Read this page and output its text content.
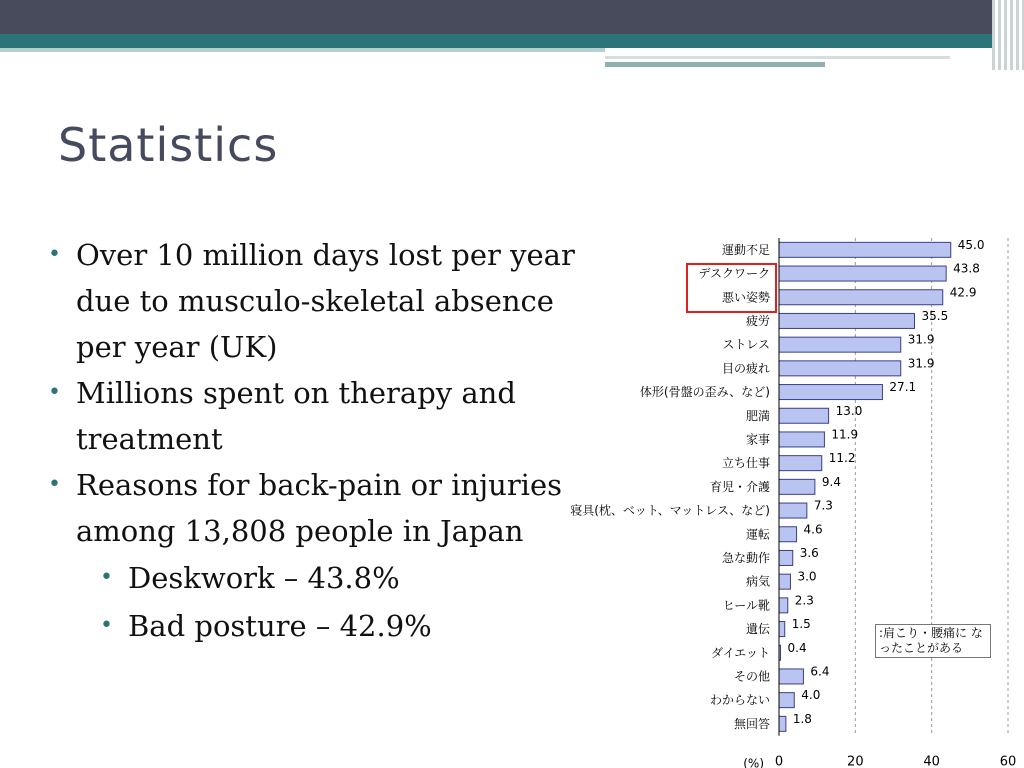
Statistics
• Over 10 million days lost per year due to musculo-skeletal absence per year (UK)
• Millions spent on therapy and treatment
• Reasons for back-pain or injuries among 13,808 people in Japan
• Deskwork – 43.8%
• Bad posture – 42.9%
運動不足	45.0
デスクワーク	43.8
悪い姿勢	42.9
疲労	35.5
ストレス	31.9
目の疲れ	31.9
体形(骨盤の歪み、など)	27.1
肥満	13.0
家事	11.9
立ち仕事	11.2
育児・介護	9.4
寝具(枕、ベット、マットレス、など)	7.3
運転	4.6
急な動作 3.6
病気 3.0
ヒール靴 2.3
遺伝 1.5
ダイエット 0.4
その他	6.4
わからない	4.0
無回答 1.8
0	20	40	60
(%)
:肩こり・腰痛に なったことがある
